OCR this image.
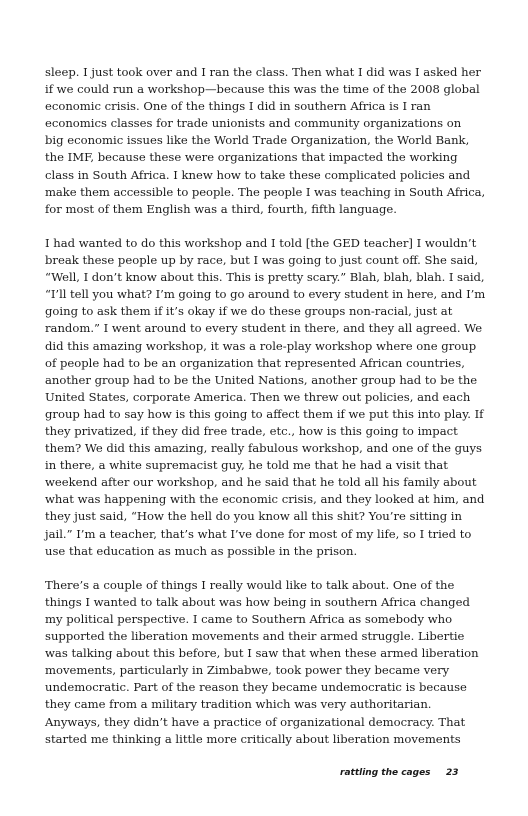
sleep. I just took over and I ran the class. Then what I did was I asked her
if we could run a workshop—because this was the time of the 2008 global
economic crisis. One of the things I did in southern Africa is I ran
economics classes for trade unionists and community organizations on
big economic issues like the World Trade Organization, the World Bank,
the IMF, because these were organizations that impacted the working
class in South Africa. I knew how to take these complicated policies and
make them accessible to people. The people I was teaching in South Africa,
for most of them English was a third, fourth, fifth language.
I had wanted to do this workshop and I told [the GED teacher] I wouldn’t
break these people up by race, but I was going to just count off. She said,
“Well, I don’t know about this. This is pretty scary.” Blah, blah, blah. I said,
“I’ll tell you what? I’m going to go around to every student in here, and I’m
going to ask them if it’s okay if we do these groups non-racial, just at
random.” I went around to every student in there, and they all agreed. We
did this amazing workshop, it was a role-play workshop where one group
of people had to be an organization that represented African countries,
another group had to be the United Nations, another group had to be the
United States, corporate America. Then we threw out policies, and each
group had to say how is this going to affect them if we put this into play. If
they privatized, if they did free trade, etc., how is this going to impact
them? We did this amazing, really fabulous workshop, and one of the guys
in there, a white supremacist guy, he told me that he had a visit that
weekend after our workshop, and he said that he told all his family about
what was happening with the economic crisis, and they looked at him, and
they just said, “How the hell do you know all this shit? You’re sitting in
jail.” I’m a teacher, that’s what I’ve done for most of my life, so I tried to
use that education as much as possible in the prison.
There’s a couple of things I really would like to talk about. One of the
things I wanted to talk about was how being in southern Africa changed
my political perspective. I came to Southern Africa as somebody who
supported the liberation movements and their armed struggle. Libertie
was talking about this before, but I saw that when these armed liberation
movements, particularly in Zimbabwe, took power they became very
undemocratic. Part of the reason they became undemocratic is because
they came from a military tradition which was very authoritarian.
Anyways, they didn’t have a practice of organizational democracy. That
started me thinking a little more critically about liberation movements
rattling the cages 23
